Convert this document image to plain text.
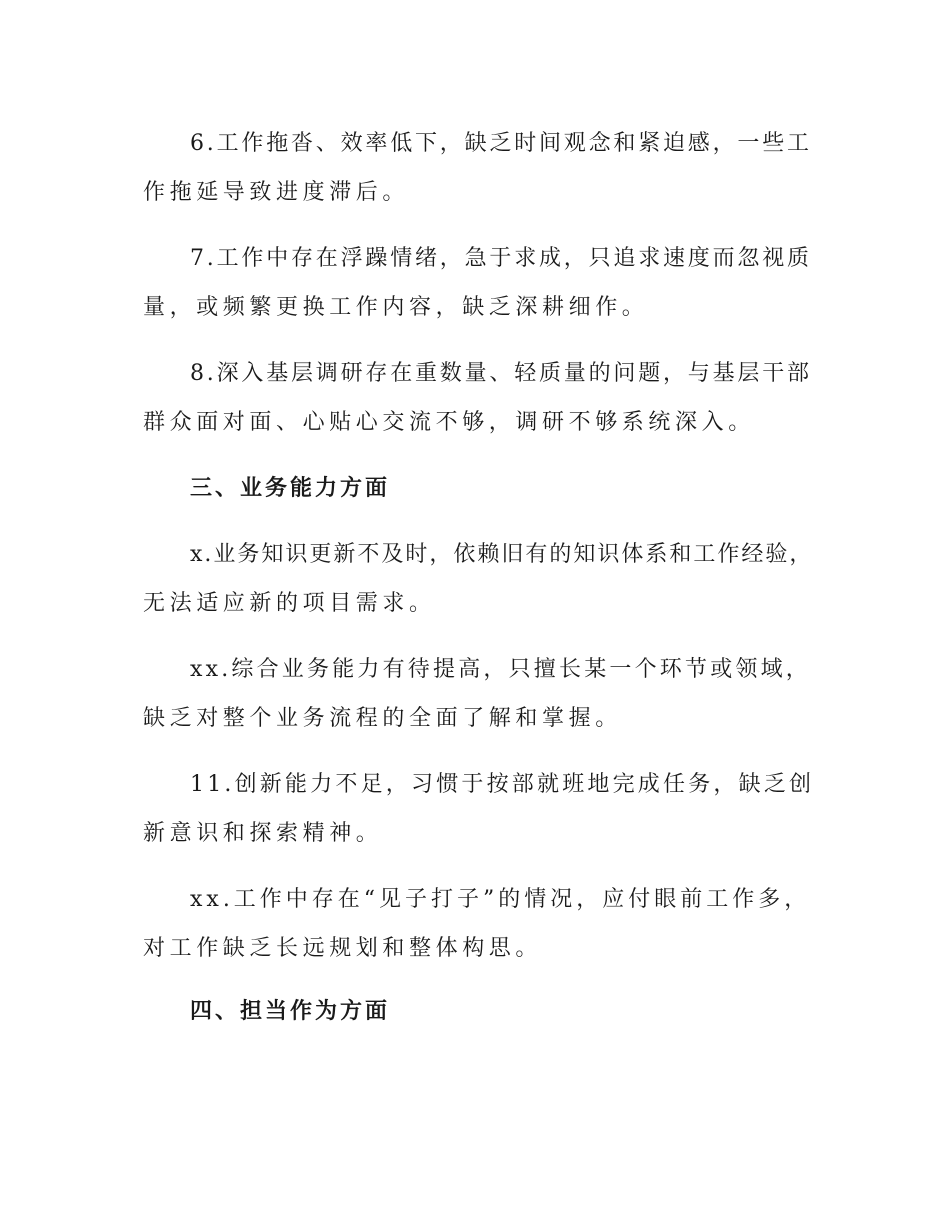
6.工作拖沓、效率低下，缺乏时间观念和紧迫感，一些工
作拖延导致进度滞后。
7.工作中存在浮躁情绪，急于求成，只追求速度而忽视质
量，或频繁更换工作内容，缺乏深耕细作。
8.深入基层调研存在重数量、轻质量的问题，与基层干部
群众面对面、心贴心交流不够，调研不够系统深入。
三、业务能力方面
x.业务知识更新不及时，依赖旧有的知识体系和工作经验，
无法适应新的项目需求。
xx.综合业务能力有待提高，只擅长某一个环节或领域，
缺乏对整个业务流程的全面了解和掌握。
11.创新能力不足，习惯于按部就班地完成任务，缺乏创
新意识和探索精神。
xx.工作中存在“见子打子”的情况，应付眼前工作多，
对工作缺乏长远规划和整体构思。
四、担当作为方面
